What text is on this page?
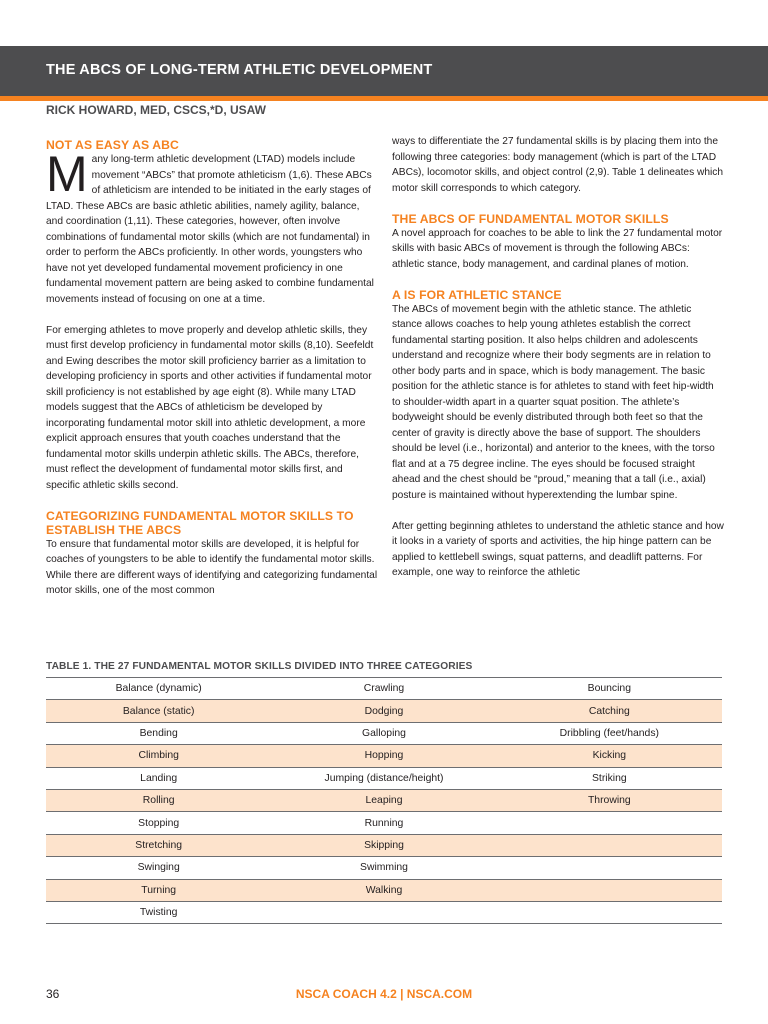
THE ABCS OF LONG-TERM ATHLETIC DEVELOPMENT
RICK HOWARD, MED, CSCS,*D, USAW
NOT AS EASY AS ABC

Many long-term athletic development (LTAD) models include movement “ABCs” that promote athleticism (1,6). These ABCs of athleticism are intended to be initiated in the early stages of LTAD. These ABCs are basic athletic abilities, namely agility, balance, and coordination (1,11). These categories, however, often involve combinations of fundamental motor skills (which are not fundamental) in order to perform the ABCs proficiently. In other words, youngsters who have not yet developed fundamental movement proficiency in one fundamental movement pattern are being asked to combine fundamental movements instead of focusing on one at a time.

For emerging athletes to move properly and develop athletic skills, they must first develop proficiency in fundamental motor skills (8,10). Seefeldt and Ewing describes the motor skill proficiency barrier as a limitation to developing proficiency in sports and other activities if fundamental motor skill proficiency is not established by age eight (8). While many LTAD models suggest that the ABCs of athleticism be developed by incorporating fundamental motor skill into athletic development, a more explicit approach ensures that youth coaches understand that the fundamental motor skills underpin athletic skills. The ABCs, therefore, must reflect the development of fundamental motor skills first, and specific athletic skills second.

CATEGORIZING FUNDAMENTAL MOTOR SKILLS TO ESTABLISH THE ABCS

To ensure that fundamental motor skills are developed, it is helpful for coaches of youngsters to be able to identify the fundamental motor skills. While there are different ways of identifying and categorizing fundamental motor skills, one of the most common

ways to differentiate the 27 fundamental skills is by placing them into the following three categories: body management (which is part of the LTAD ABCs), locomotor skills, and object control (2,9). Table 1 delineates which motor skill corresponds to which category.

THE ABCS OF FUNDAMENTAL MOTOR SKILLS

A novel approach for coaches to be able to link the 27 fundamental motor skills with basic ABCs of movement is through the following ABCs: athletic stance, body management, and cardinal planes of motion.

A IS FOR ATHLETIC STANCE

The ABCs of movement begin with the athletic stance. The athletic stance allows coaches to help young athletes establish the correct fundamental starting position. It also helps children and adolescents understand and recognize where their body segments are in relation to other body parts and in space, which is body management. The basic position for the athletic stance is for athletes to stand with feet hip-width to shoulder-width apart in a quarter squat position. The athlete’s bodyweight should be evenly distributed through both feet so that the center of gravity is directly above the base of support. The shoulders should be level (i.e., horizontal) and anterior to the knees, with the torso flat and at a 75 degree incline. The eyes should be focused straight ahead and the chest should be “proud,” meaning that a tall (i.e., axial) posture is maintained without hyperextending the lumbar spine.

After getting beginning athletes to understand the athletic stance and how it looks in a variety of sports and activities, the hip hinge pattern can be applied to kettlebell swings, squat patterns, and deadlift patterns. For example, one way to reinforce the athletic

TABLE 1. THE 27 FUNDAMENTAL MOTOR SKILLS DIVIDED INTO THREE CATEGORIES
Balance (dynamic)	Crawling	Bouncing
Balance (static)	Dodging	Catching
Bending	Galloping	Dribbling (feet/hands)
Climbing	Hopping	Kicking
Landing	Jumping (distance/height)	Striking
Rolling	Leaping	Throwing
Stopping	Running	
Stretching	Skipping	
Swinging	Swimming	
Turning	Walking	
Twisting		
36	NSCA COACH 4.2 | NSCA.COM
